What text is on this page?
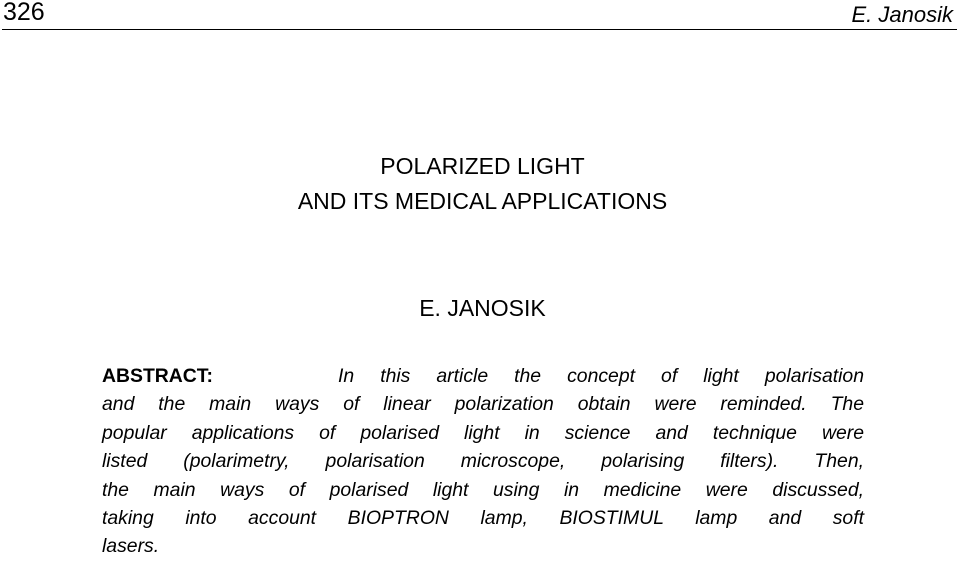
326	E. Janosik
POLARIZED LIGHT
AND ITS MEDICAL APPLICATIONS
E. JANOSIK
ABSTRACT:	In this article the concept of light polarisation
and the main ways of linear polarization obtain were reminded. The
popular applications of polarised light in science and technique were
listed (polarimetry, polarisation microscope, polarising filters). Then,
the main ways of polarised light using in medicine were discussed,
taking into account BIOPTRON lamp, BIOSTIMUL lamp and soft
lasers.
